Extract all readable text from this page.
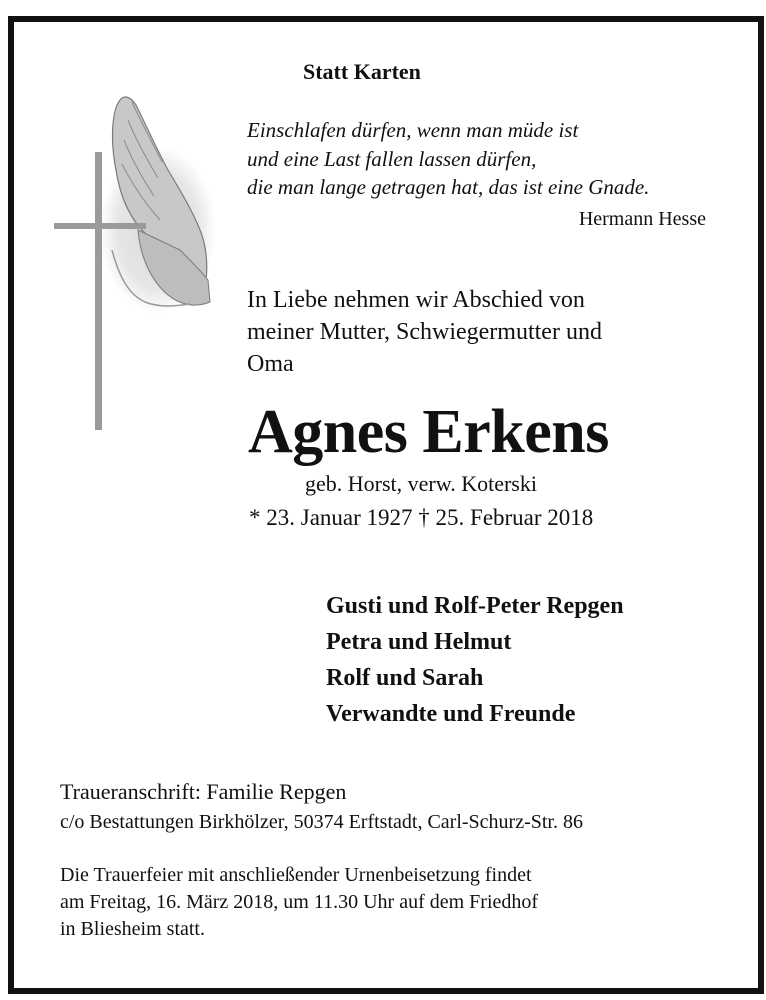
Statt Karten
Einschlafen dürfen, wenn man müde ist
und eine Last fallen lassen dürfen,
die man lange getragen hat, das ist eine Gnade.
Hermann Hesse
In Liebe nehmen wir Abschied von
meiner Mutter, Schwiegermutter und
Oma
Agnes Erkens
geb. Horst, verw. Koterski
* 23. Januar 1927 † 25. Februar 2018
Gusti und Rolf-Peter Repgen
Petra und Helmut
Rolf und Sarah
Verwandte und Freunde
Traueranschrift: Familie Repgen
c/o Bestattungen Birkhölzer, 50374 Erftstadt, Carl-Schurz-Str. 86
Die Trauerfeier mit anschließender Urnenbeisetzung findet
am Freitag, 16. März 2018, um 11.30 Uhr auf dem Friedhof
in Bliesheim statt.
